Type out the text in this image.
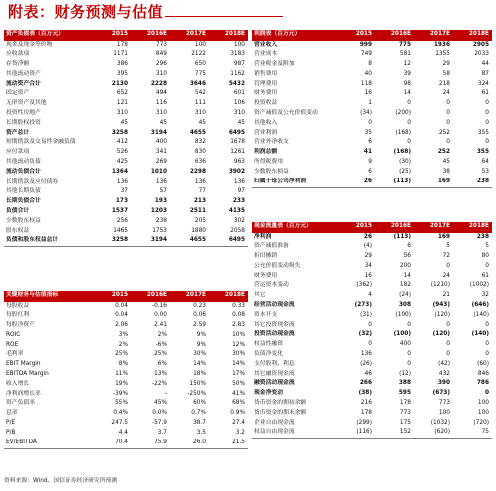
附表：财务预测与估值
资产负债表（百万元）	2015	2016E	2017E	2018E
现金及现金等价物	178	773	100	100
应收款项	1171	849	2122	3183
存货净额	386	296	650	987
其他流动资产	395	310	775	1162
流动资产合计	2130	2228	3646	5432
固定资产	652	494	542	601
无形资产及其他	121	116	111	106
投资性房地产	310	310	310	310
长期股权投资	45	45	45	45
资产总计	3258	3194	4655	6495
短期借款及交易性金融负债	412	400	832	1678
应付款项	526	341	830	1261
其他流动负债	425	269	636	963
流动负债合计	1364	1010	2298	3902
长期借款及应付债券	136	136	136	136
其他长期负债	37	57	77	97
长期负债合计	173	193	213	233
负债合计	1537	1203	2511	4135
少数股东权益	256	238	205	302
股东权益	1465	1753	1880	2058
负债和股东权益总计	3258	3194	4655	6495
利润表（百万元）	2015	2016E	2017E	2018E
营业收入	999	775	1936	2905
营业成本	749	581	1355	2033
营业税金及附加	8	12	29	44
销售费用	40	39	58	87
管理费用	118	98	218	324
财务费用	16	14	24	61
投资收益	1	0	0	0
资产减值及公允价值变动	(34)	(200)	0	0
其他收入	0	0	0	0
营业利润	35	(168)	252	355
营业外净收支	6	0	0	0
利润总额	41	(168)	252	355
所得税费用	9	(30)	45	64
少数股东损益	6	(25)	38	53
归属于母公司净利润	26	(113)	169	238
现金流量表（百万元）	2015	2016E	2017E	2018E
净利润	26	(113)	169	238
资产减值准备	(4)	6	5	5
折旧摊销	29	56	72	80
公允价值变动损失	34	200	0	0
财务费用	16	14	24	61
营运资本变动	(362)	182	(1210)	(1002)
其它	4	(24)	21	32
经营活动现金流	(273)	308	(943)	(646)
资本开支	(31)	(100)	(120)	(140)
其它投资现金流	0	0	0	0
投资活动现金流	(32)	(100)	(120)	(140)
权益性融资	0	400	0	0
负债净变化	136	0	0	0
支付股利、利息	(26)	0	(42)	(60)
其它融资现金流	46	(12)	432	846
融资活动现金流	266	388	390	786
现金净变动	(38)	595	(673)	0
货币资金的期初余额	216	178	773	100
货币资金的期末余额	178	773	100	100
企业自由现金流	(299)	175	(1032)	(720)
权益自由现金流	(116)	152	(620)	75
关键财务与估值指标	2015	2016E	2017E	2018E
每股收益	0.04	-0.16	0.23	0.33
每股红利	0.04	0.00	0.06	0.08
每股净资产	2.06	2.41	2.59	2.83
ROIC	3%	2%	9%	10%
ROE	2%	-6%	9%	12%
毛利率	25%	25%	30%	30%
EBIT Margin	8%	6%	14%	14%
EBITDA Margin	11%	13%	18%	17%
收入增长	19%	-22%	150%	50%
净利润增长率	-39%	-	-250%	41%
资产负债率	55%	45%	60%	68%
息率	0.4%	0.0%	0.7%	0.9%
P/E	247.5	-57.9	38.7	27.4
P/B	4.4	3.7	3.5	3.2
EV/EBITDA	70.4	75.9	26.0	21.5
资料来源：Wind、国信证券经济研究所预测
